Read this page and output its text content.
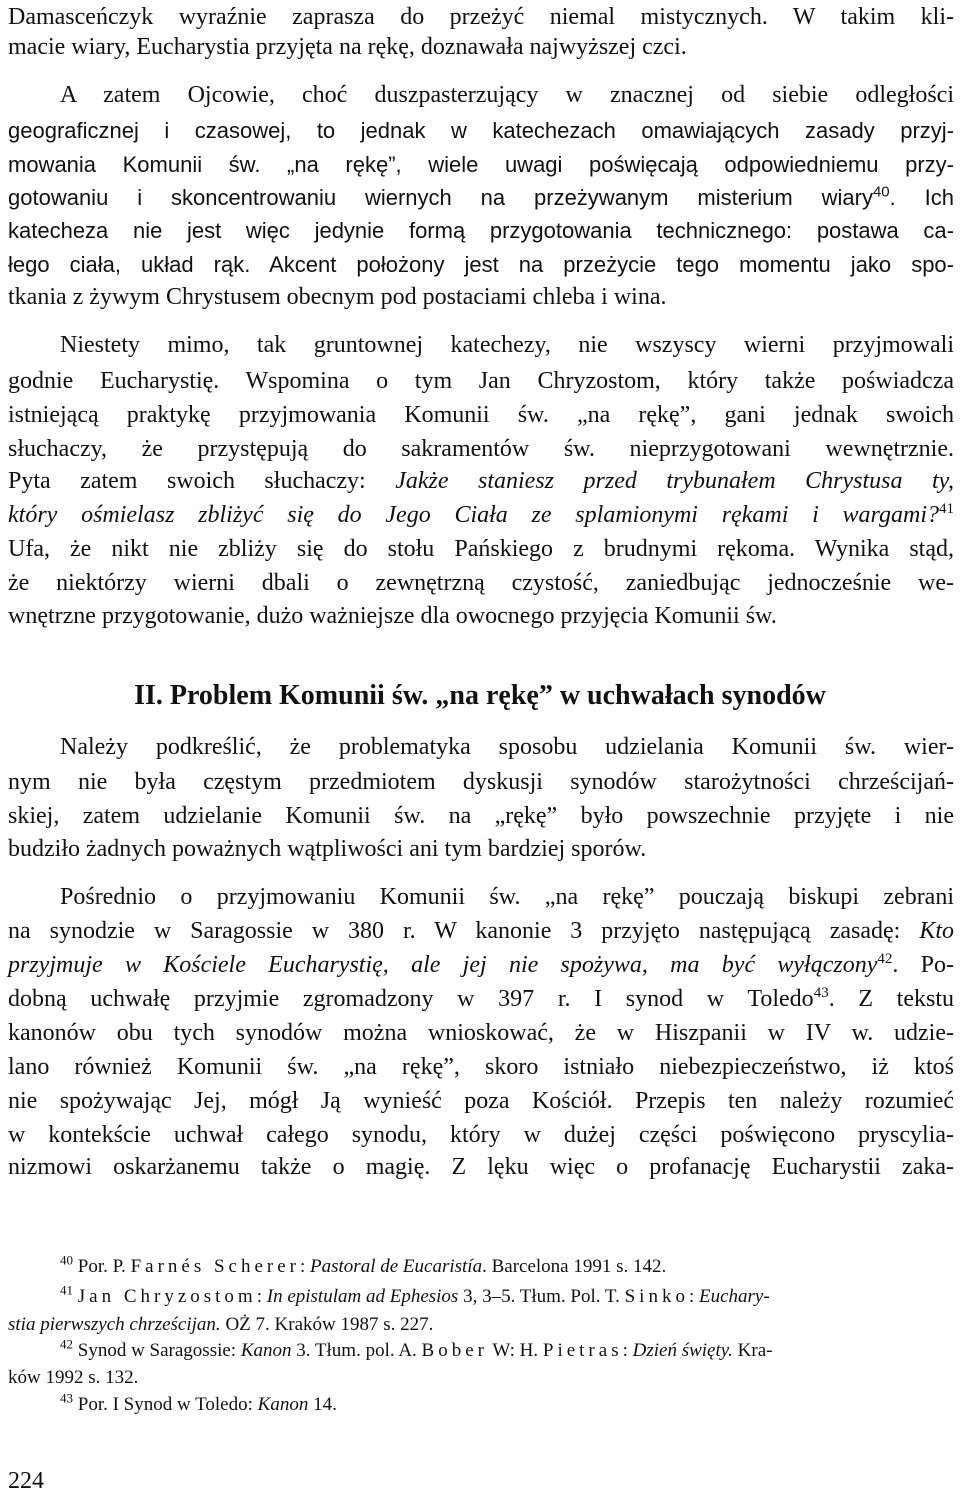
Damasceńczyk wyraźnie zaprasza do przeżyć niemal mistycznych. W takim kli-
macie wiary, Eucharystia przyjęta na rękę, doznawała najwyższej czci.
A zatem Ojcowie, choć duszpasterzujący w znacznej od siebie odległości
geograficznej i czasowej, to jednak w katechezach omawiających zasady przyj-
mowania Komunii św. „na rękę”, wiele uwagi poświęcają odpowiedniemu przy-
gotowaniu i skoncentrowaniu wiernych na przeżywanym misterium wiary$^{40}$. Ich
katecheza nie jest więc jedynie formą przygotowania technicznego: postawa ca-
łego ciała, układ rąk. Akcent położony jest na przeżycie tego momentu jako spo-
tkania z żywym Chrystusem obecnym pod postaciami chleba i wina.
Niestety mimo, tak gruntownej katechezy, nie wszyscy wierni przyjmowali
godnie Eucharystię. Wspomina o tym Jan Chryzostom, który także poświadcza
istniejącą praktykę przyjmowania Komunii św. „na rękę”, gani jednak swoich
słuchaczy, że przystępują do sakramentów św. nieprzygotowani wewnętrznie.
Pyta zatem swoich słuchaczy: Jakże staniesz przed trybunałem Chrystusa ty,
który ośmielasz zbliżyć się do Jego Ciała ze splamionymi rękami i wargami?$^{41}$
Ufa, że nikt nie zbliży się do stołu Pańskiego z brudnymi rękoma. Wynika stąd,
że niektórzy wierni dbali o zewnętrzną czystość, zaniedbując jednocześnie we-
wnętrzne przygotowanie, dużo ważniejsze dla owocnego przyjęcia Komunii św.
II. Problem Komunii św. „na rękę” w uchwałach synodów
Należy podkreślić, że problematyka sposobu udzielania Komunii św. wier-
nym nie była częstym przedmiotem dyskusji synodów starożytności chrześcijań-
skiej, zatem udzielanie Komunii św. na „rękę” było powszechnie przyjęte i nie
budziło żadnych poważnych wątpliwości ani tym bardziej sporów.
Pośrednio o przyjmowaniu Komunii św. „na rękę” pouczają biskupi zebrani
na synodzie w Saragossie w 380 r. W kanonie 3 przyjęto następującą zasadę: Kto
przyjmuje w Kościele Eucharystię, ale jej nie spożywa, ma być wyłączony$^{42}$. Po-
dobną uchwałę przyjmie zgromadzony w 397 r. I synod w Toledo$^{43}$. Z tekstu
kanonów obu tych synodów można wnioskować, że w Hiszpanii w IV w. udzie-
lano również Komunii św. „na rękę”, skoro istniało niebezpieczeństwo, iż ktoś
nie spożywając Jej, mógł Ją wynieść poza Kościół. Przepis ten należy rozumieć
w kontekście uchwał całego synodu, który w dużej części poświęcono pryscylia-
nizmowi oskarżanemu także o magię. Z lęku więc o profanację Eucharystii zaka-
$^{40}$ Por. P. Farnés Scherer: Pastoral de Eucaristía. Barcelona 1991 s. 142.
$^{41}$ Jan Chryzostom: In epistulam ad Ephesios 3, 3–5. Tłum. Pol. T. Sinko: Euchary-
stia pierwszych chrześcijan. OŻ 7. Kraków 1987 s. 227.
$^{42}$ Synod w Saragossie: Kanon 3. Tłum. pol. A. Bober W: H. Pietras: Dzień święty. Kra-
ków 1992 s. 132.
$^{43}$ Por. I Synod w Toledo: Kanon 14.
224
